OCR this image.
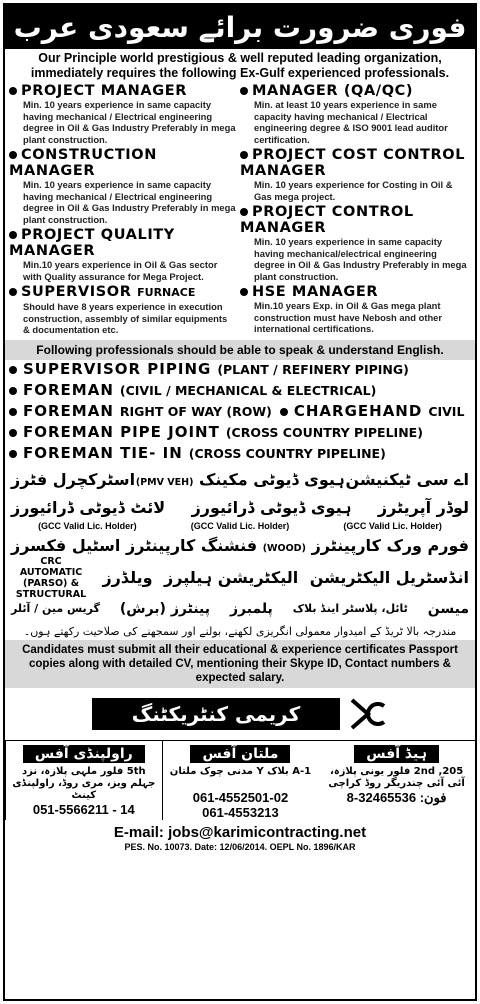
فوری ضرورت برائے سعودی عرب
Our Principle world prestigious & well reputed leading organization, immediately requires the following Ex-Gulf experienced professionals.
PROJECT MANAGER

Min. 10 years experience in same capacity having mechanical / Electrical engineering degree in Oil & Gas Industry Preferably in mega plant construction.

CONSTRUCTION MANAGER

Min. 10 years experience in same capacity having mechanical / Electrical engineering degree in Oil & Gas Industry Preferably in mega plant construction.

PROJECT QUALITY MANAGER

Min.10 years experience in Oil & Gas sector with Quality assurance for Mega Project.

SUPERVISOR FURNACE

Should have 8 years experience in execution construction, assembly of similar equipments & documentation etc.

MANAGER (QA/QC)

Min. at least 10 years experience in same capacity having mechanical / Electrical engineering degree & ISO 9001 lead auditor certification.

PROJECT COST CONTROL MANAGER

Min. 10 years experience for Costing in Oil & Gas mega project.

PROJECT CONTROL MANAGER

Min. 10 years experience in same capacity having mechanical/electrical engineering degree in Oil & Gas Industry Preferably in mega plant construction.

HSE MANAGER

Min.10 years Exp. in Oil & Gas mega plant construction must have Nebosh and other international certifications.

Following professionals should be able to speak & understand English.
SUPERVISOR PIPING (PLANT / REFINERY PIPING)
FOREMAN (CIVIL / MECHANICAL & ELECTRICAL)
FOREMAN RIGHT OF WAY (ROW) CHARGEHAND CIVIL
FOREMAN PIPE JOINT (CROSS COUNTRY PIPELINE)
FOREMAN TIE- IN (CROSS COUNTRY PIPELINE)
اے سی ٹیکنیشن
ہیوی ڈیوٹی مکینک (PMV VEH)
اسٹرکچرل فٹرز
لوڈر آپریٹرز
ہیوی ڈیوٹی ڈرائیورز
لائٹ ڈیوٹی ڈرائیورز
(GCC Valid Lic. Holder)	(GCC Valid Lic. Holder)	(GCC Valid Lic. Holder)
فورم ورک کارپینٹرز
(WOOD) فنشنگ کارپینٹرز
اسٹیل فکسرز
انڈسٹریل الیکٹریشن
الیکٹریشن ہیلپرز
ویلڈرز
CRC AUTOMATIC (PARSO) & STRUCTURAL
میسن
ٹائل، پلاسٹر اینڈ بلاک
پلمبرز
پینٹرز (برش)
گریس مین / آئلر
مندرجہ بالا ٹریڈ کے امیدوار معمولی انگریزی لکھنے، بولنے اور سمجھنے کی صلاحیت رکھتے ہوں۔
Candidates must submit all their educational & experience certificates Passport copies along with detailed CV, mentioning their Skype ID, Contact numbers & expected salary.
کریمی کنٹریکٹنگ
راولپنڈی آفس
5th فلور ملہی پلازہ، نزد جہلم ویز، مری روڈ، راولپنڈی کینٹ
051-5566211 - 14
ملتان آفس
A-1 بلاک Y مدنی چوک ملتان
061-4552501-02
061-4553213
ہیڈ آفس
205, 2nd فلور یونی پلازہ، آئی آئی چندریگر روڈ کراچی
فون: 32465536-8
E-mail: jobs@karimicontracting.net
PES. No. 10073. Date: 12/06/2014. OEPL No. 1896/KAR
